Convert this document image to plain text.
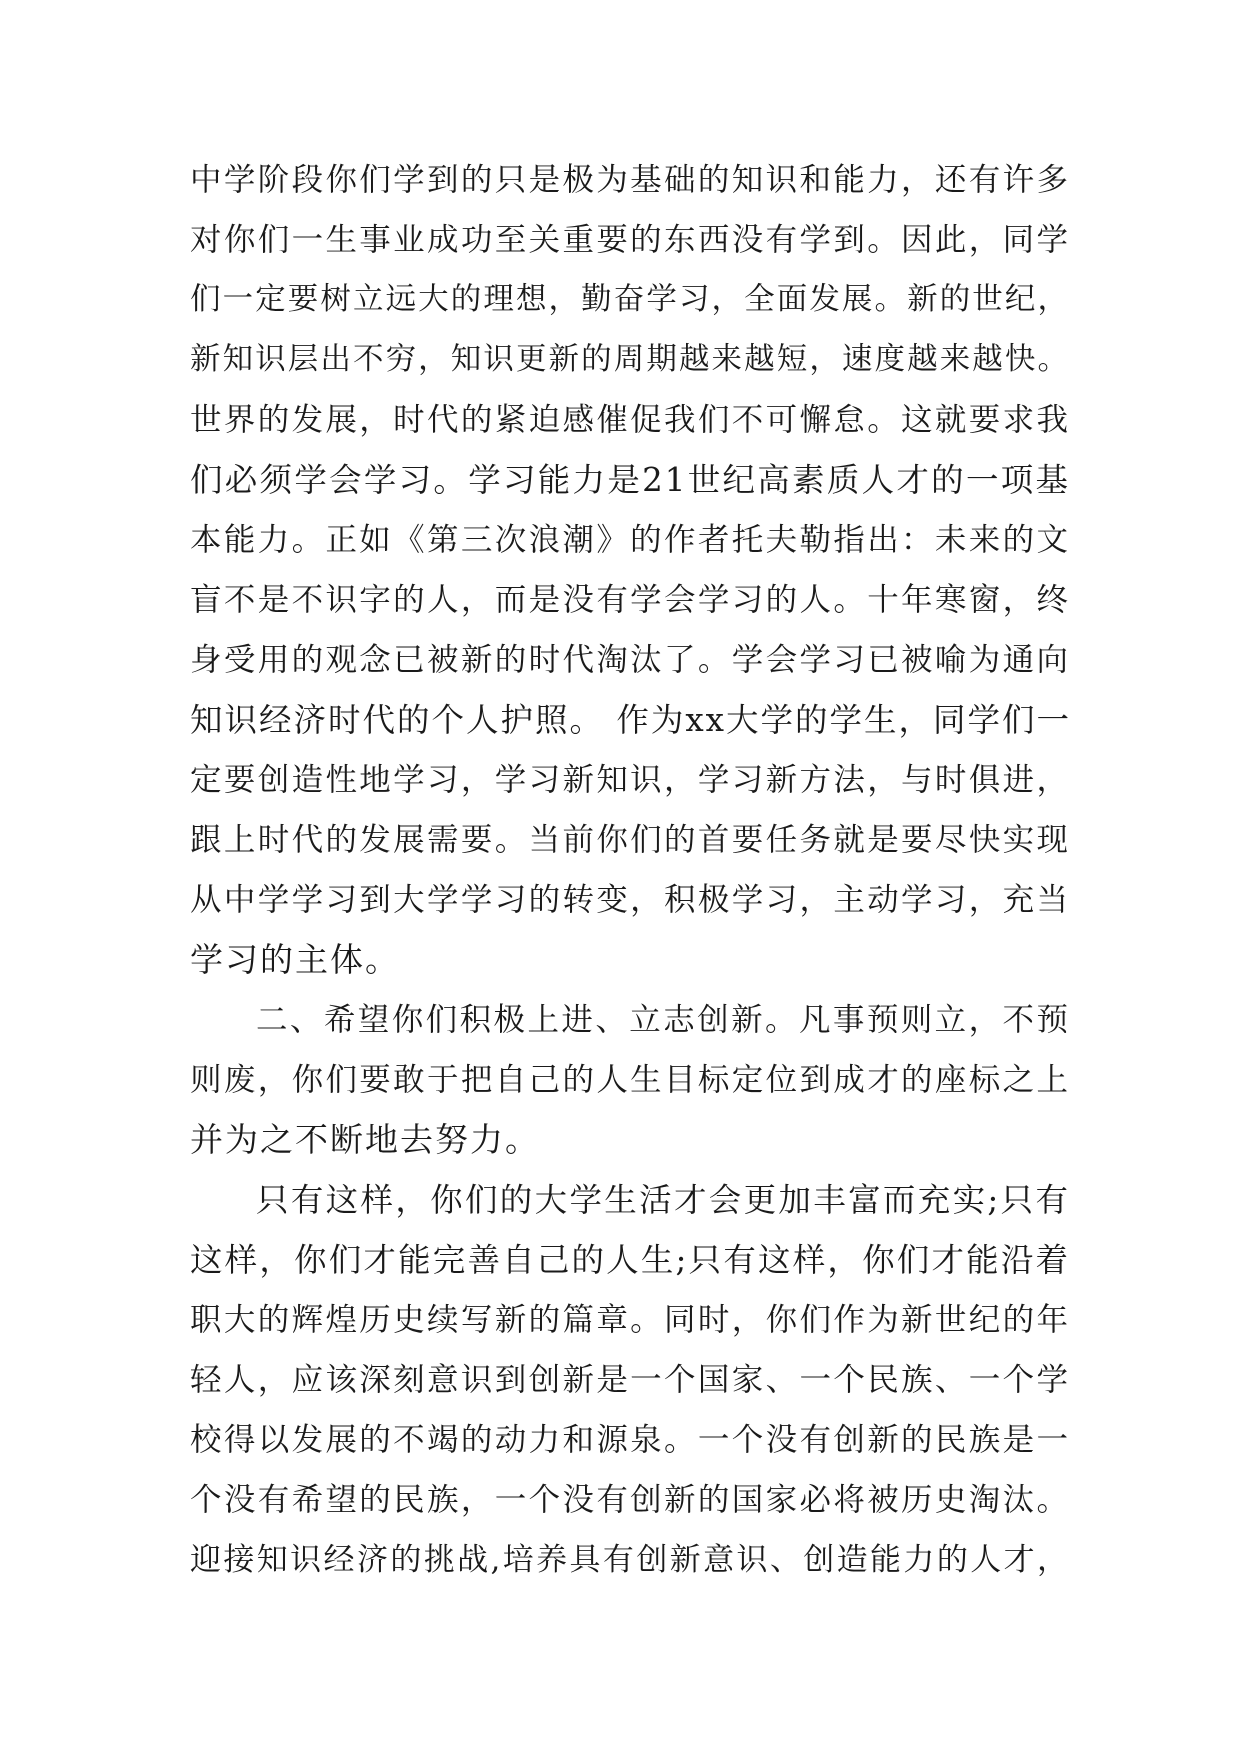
中学阶段你们学到的只是极为基础的知识和能力，还有许多
对你们一生事业成功至关重要的东西没有学到。因此，同学
们一定要树立远大的理想，勤奋学习，全面发展。新的世纪，
新知识层出不穷，知识更新的周期越来越短，速度越来越快。
世界的发展，时代的紧迫感催促我们不可懈怠。这就要求我
们必须学会学习。学习能力是21世纪高素质人才的一项基
本能力。正如《第三次浪潮》的作者托夫勒指出：未来的文
盲不是不识字的人，而是没有学会学习的人。十年寒窗，终
身受用的观念已被新的时代淘汰了。学会学习已被喻为通向
知识经济时代的个人护照。 作为xx大学的学生，同学们一
定要创造性地学习，学习新知识，学习新方法，与时俱进，
跟上时代的发展需要。当前你们的首要任务就是要尽快实现
从中学学习到大学学习的转变，积极学习，主动学习，充当
学习的主体。
二、希望你们积极上进、立志创新。凡事预则立，不预
则废，你们要敢于把自己的人生目标定位到成才的座标之上
并为之不断地去努力。
只有这样，你们的大学生活才会更加丰富而充实;只有
这样，你们才能完善自己的人生;只有这样，你们才能沿着
职大的辉煌历史续写新的篇章。同时，你们作为新世纪的年
轻人，应该深刻意识到创新是一个国家、一个民族、一个学
校得以发展的不竭的动力和源泉。一个没有创新的民族是一
个没有希望的民族，一个没有创新的国家必将被历史淘汰。
迎接知识经济的挑战,培养具有创新意识、创造能力的人才，
